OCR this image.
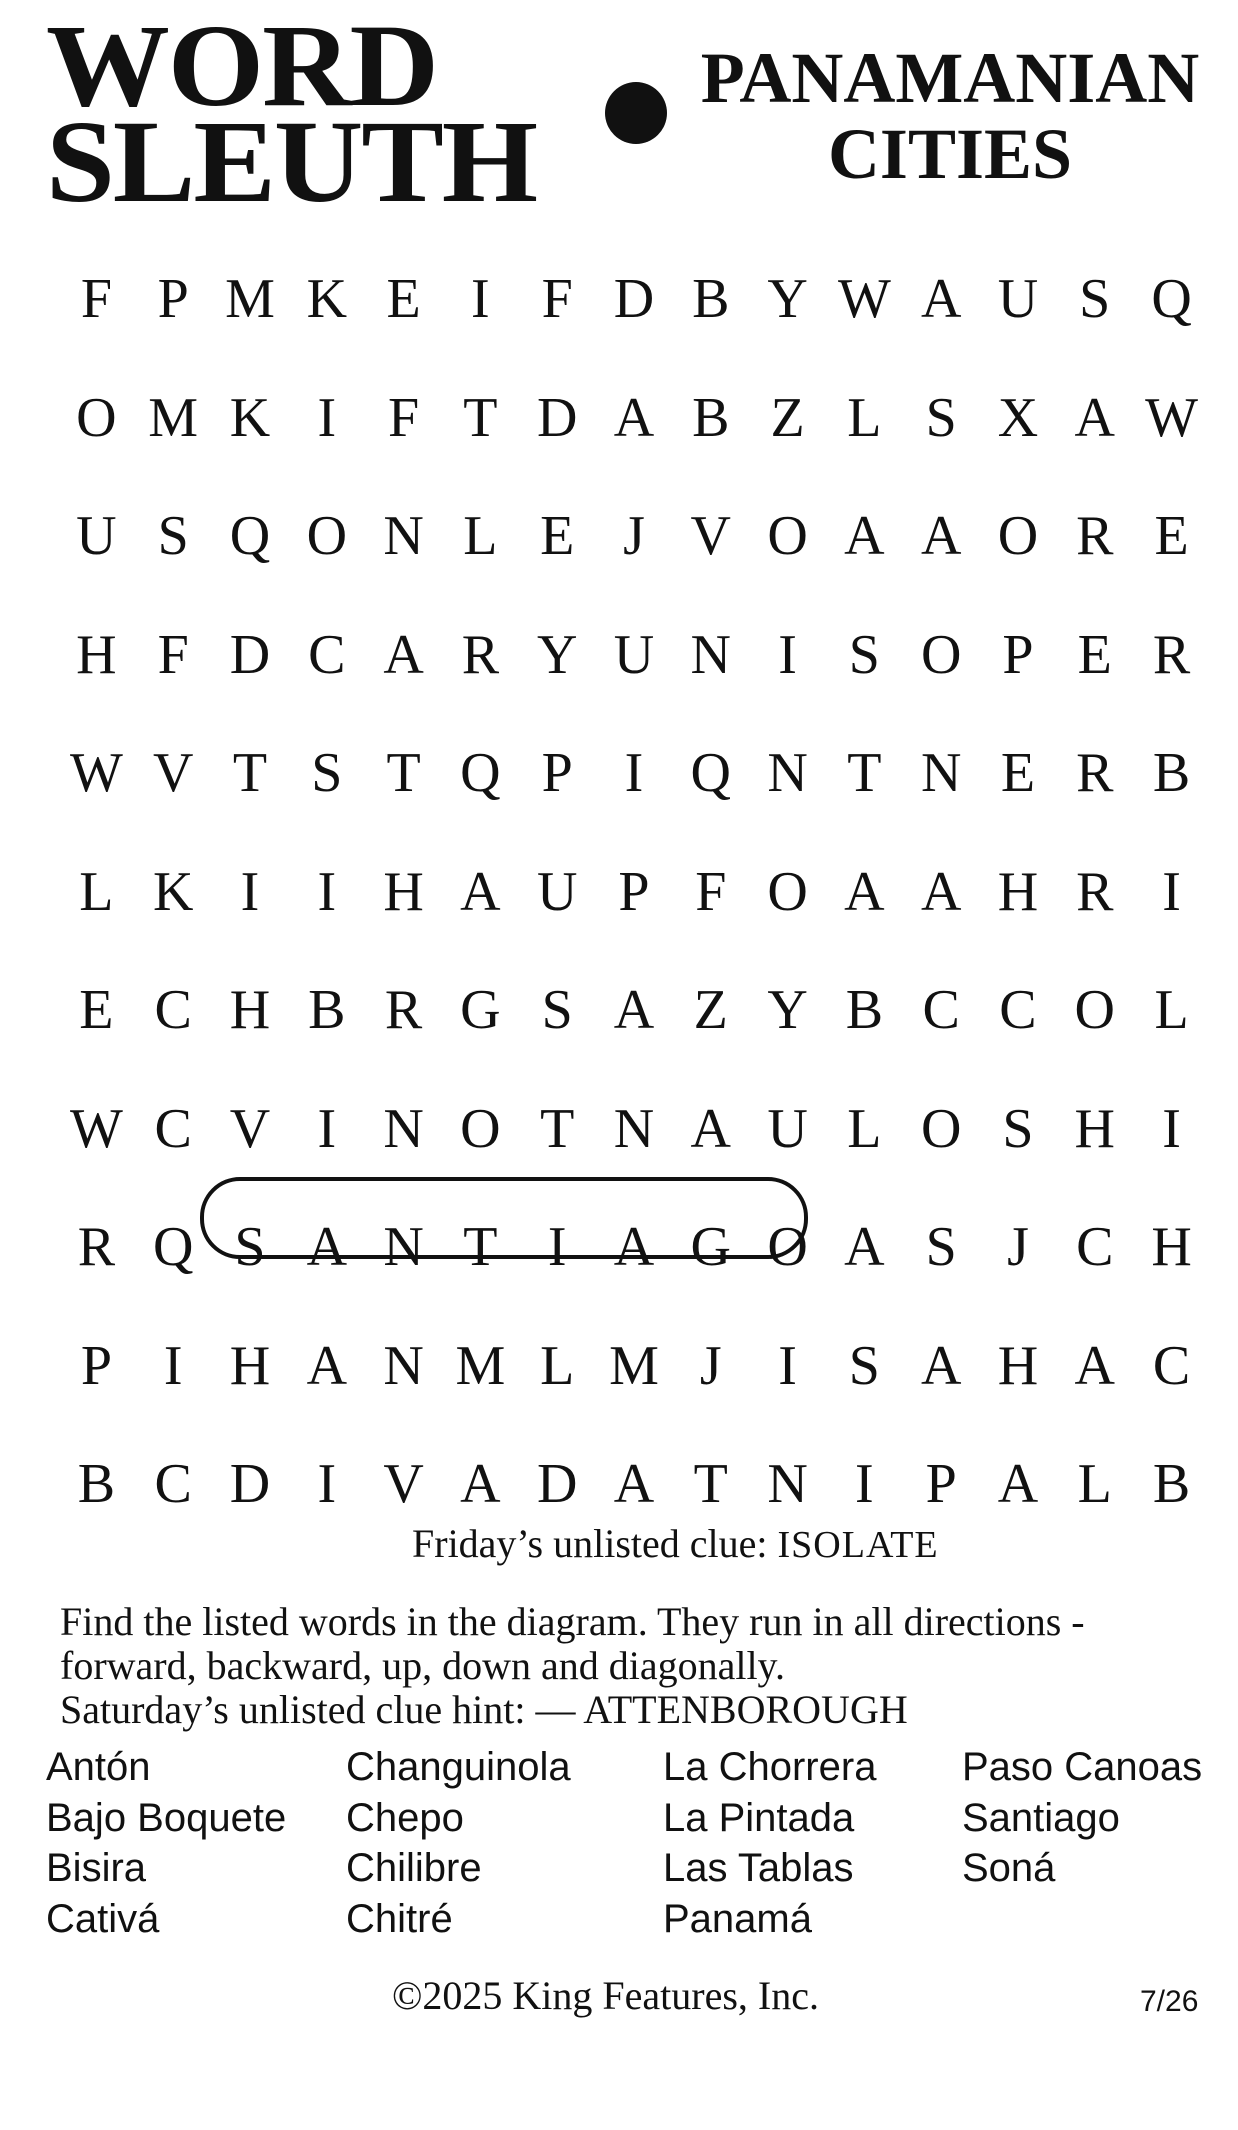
WORD
SLEUTH
PANAMANIAN
CITIES
F P M K E I F D B Y W A U S Q
O M K I F T D A B Z L S X A W
U S Q O N L E J V O A A O R E
H F D C A R Y U N I S O P E R
W V T S T Q P I Q N T N E R B
L K I	I H A U P F O A A H R I
E C H B R G S A Z Y B C C O L
W C V I N O T N A U L O S H I
R Q S A N T I A G O A S J C H
P I H A N M L M J	I S A H A C
B C D I V A D A T N I P A L B
Friday’s unlisted clue: ISOLATE
Find the listed words in the diagram. They run in all directions -
forward, backward, up, down and diagonally.
Saturday’s unlisted clue hint: — ATTENBOROUGH
Antón
Bajo Boquete
Bisira
Cativá
Changuinola
Chepo
Chilibre
Chitré
La Chorrera
La Pintada
Las Tablas
Panamá
Paso Canoas
Santiago
Soná
©2025 King Features, Inc.	7/26
